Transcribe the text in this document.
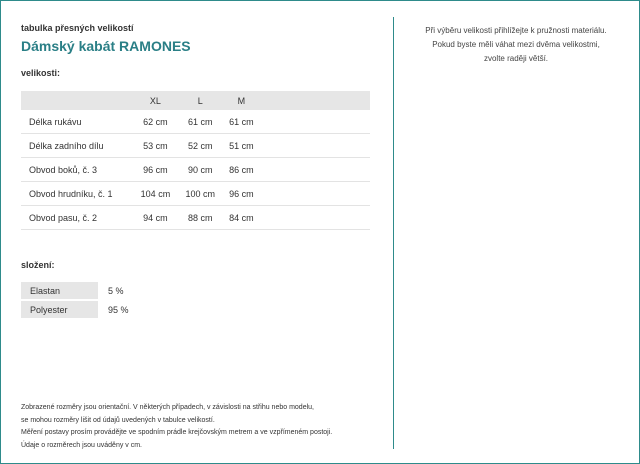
tabulka přesných velikostí
Dámský kabát RAMONES
velikosti:
	XL	L	M	
Délka rukávu	62 cm	61 cm	61 cm	
Délka zadního dílu	53 cm	52 cm	51 cm	
Obvod boků, č. 3	96 cm	90 cm	86 cm	
Obvod hrudníku, č. 1	104 cm	100 cm	96 cm	
Obvod pasu, č. 2	94 cm	88 cm	84 cm	
složení:
Elastan	5 %
Polyester	95 %
Zobrazené rozměry jsou orientační. V některých případech, v závislosti na střihu nebo modelu,
se mohou rozměry lišit od údajů uvedených v tabulce velikostí.
Měření postavy prosím provádějte ve spodním prádle krejčovským metrem a ve vzpřímeném postoji.
Údaje o rozměrech jsou uváděny v cm.
Při výběru velikosti přihlížejte k pružnosti materiálu.
Pokud byste měli váhat mezi dvěma velikostmi,
zvolte raději větší.
